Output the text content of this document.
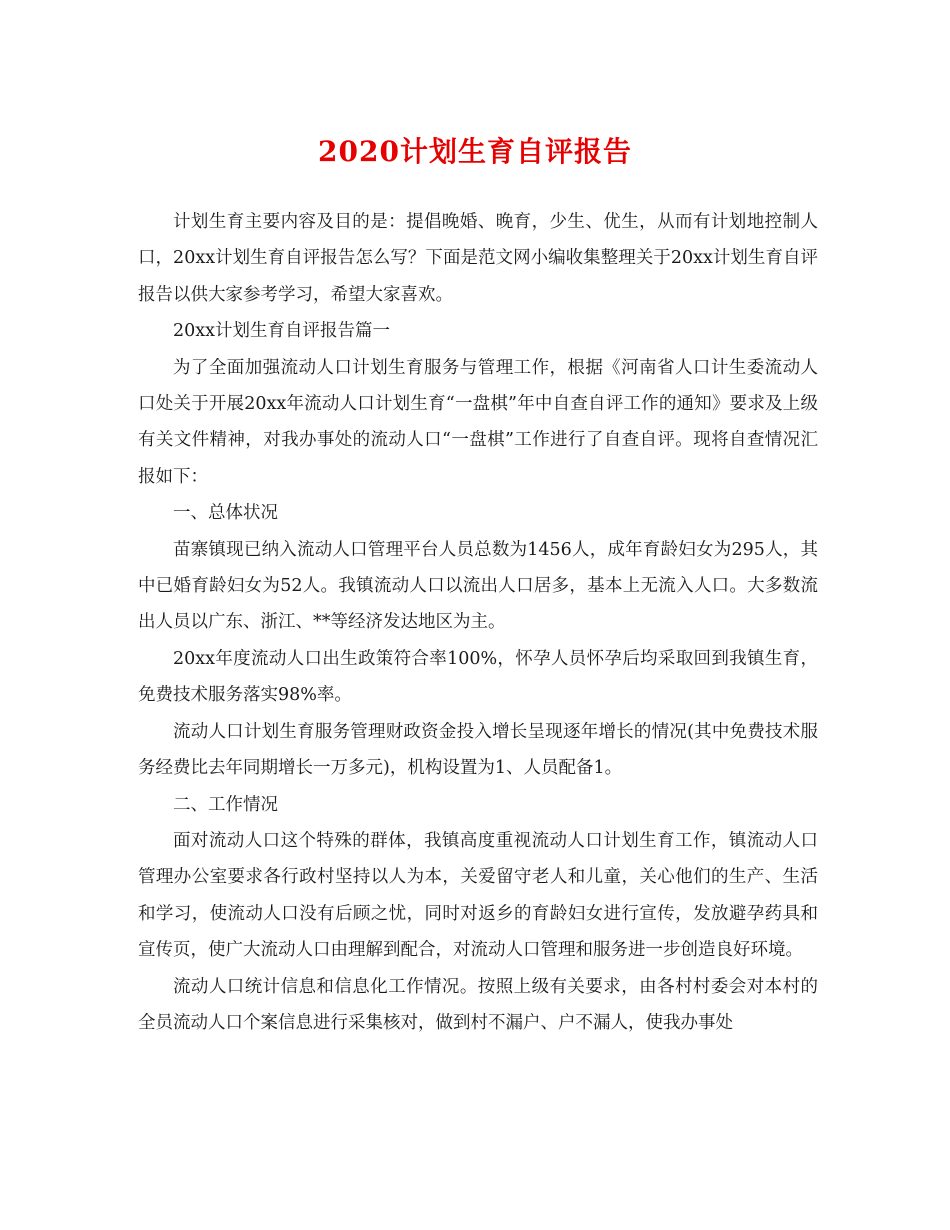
2020计划生育自评报告

计划生育主要内容及目的是：提倡晚婚、晚育，少生、优生，从而有计划地控制人口，20xx计划生育自评报告怎么写？下面是范文网小编收集整理关于20xx计划生育自评报告以供大家参考学习，希望大家喜欢。

20xx计划生育自评报告篇一

为了全面加强流动人口计划生育服务与管理工作，根据《河南省人口计生委流动人口处关于开展20xx年流动人口计划生育“一盘棋”年中自查自评工作的通知》要求及上级有关文件精神，对我办事处的流动人口“一盘棋”工作进行了自查自评。现将自查情况汇报如下：

一、总体状况

苗寨镇现已纳入流动人口管理平台人员总数为1456人，成年育龄妇女为295人，其中已婚育龄妇女为52人。我镇流动人口以流出人口居多，基本上无流入人口。大多数流出人员以广东、浙江、**等经济发达地区为主。

20xx年度流动人口出生政策符合率100%，怀孕人员怀孕后均采取回到我镇生育，免费技术服务落实98%率。

流动人口计划生育服务管理财政资金投入增长呈现逐年增长的情况(其中免费技术服务经费比去年同期增长一万多元)，机构设置为1、人员配备1。

二、工作情况

面对流动人口这个特殊的群体，我镇高度重视流动人口计划生育工作，镇流动人口管理办公室要求各行政村坚持以人为本，关爱留守老人和儿童，关心他们的生产、生活和学习，使流动人口没有后顾之忧，同时对返乡的育龄妇女进行宣传，发放避孕药具和宣传页，使广大流动人口由理解到配合，对流动人口管理和服务进一步创造良好环境。

流动人口统计信息和信息化工作情况。按照上级有关要求，由各村村委会对本村的全员流动人口个案信息进行采集核对，做到村不漏户、户不漏人，使我办事处
